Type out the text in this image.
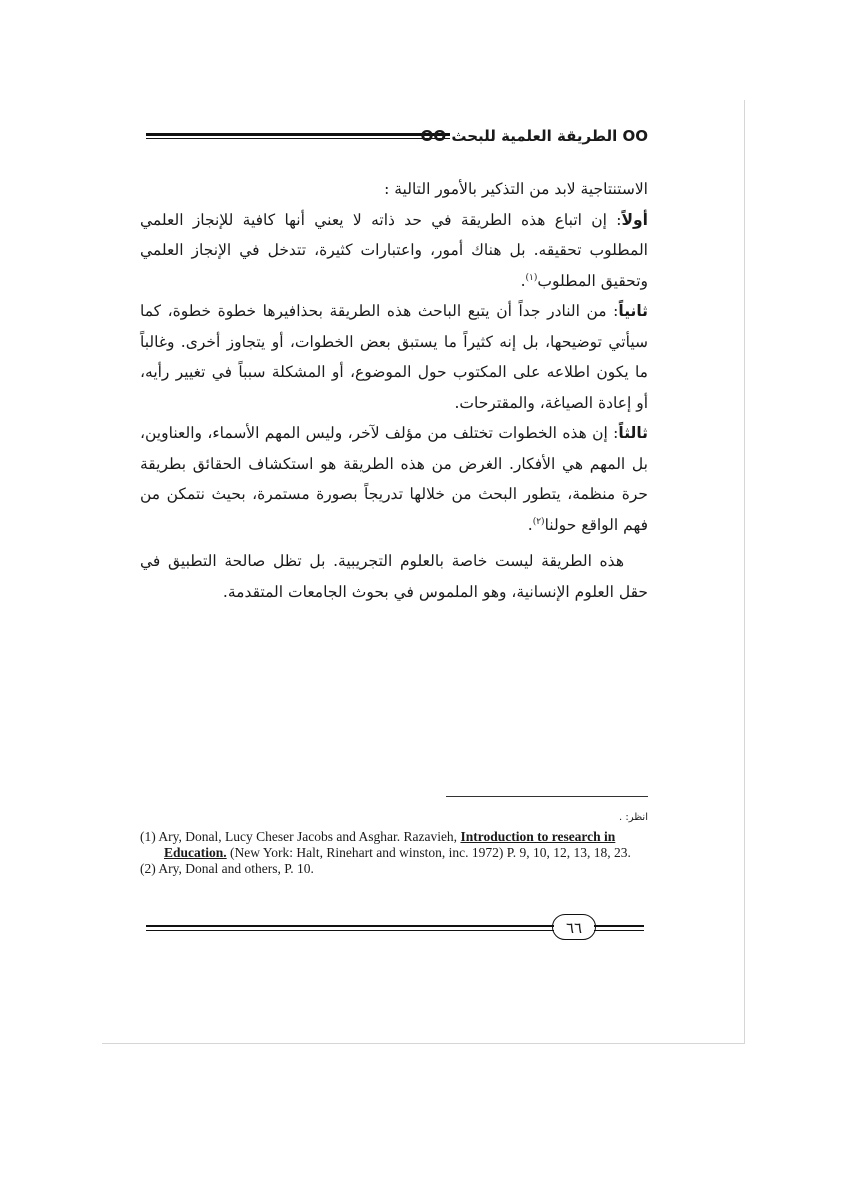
OO الطريقة العلمية للبحث OO

الاستنتاجية لابد من التذكير بالأمور التالية :

أولاً: إن اتباع هذه الطريقة في حد ذاته لا يعني أنها كافية للإنجاز العلمي المطلوب تحقيقه. بل هناك أمور، واعتبارات كثيرة، تتدخل في الإنجاز العلمي وتحقيق المطلوب$^{(١)}$.

ثانياً: من النادر جداً أن يتبع الباحث هذه الطريقة بحذافيرها خطوة خطوة، كما سيأتي توضيحها، بل إنه كثيراً ما يستبق بعض الخطوات، أو يتجاوز أخرى. وغالباً ما يكون اطلاعه على المكتوب حول الموضوع، أو المشكلة سبباً في تغيير رأيه، أو إعادة الصياغة، والمقترحات.

ثالثاً: إن هذه الخطوات تختلف من مؤلف لآخر، وليس المهم الأسماء، والعناوين، بل المهم هي الأفكار. الغرض من هذه الطريقة هو استكشاف الحقائق بطريقة حرة منظمة، يتطور البحث من خلالها تدريجاً بصورة مستمرة، بحيث نتمكن من فهم الواقع حولنا$^{(٢)}$.

هذه الطريقة ليست خاصة بالعلوم التجريبية. بل تظل صالحة التطبيق في حقل العلوم الإنسانية، وهو الملموس في بحوث الجامعات المتقدمة.

انظر: .

(1) Ary, Donal, Lucy Cheser Jacobs and Asghar. Razavieh, Introduction to research in Education. (New York: Halt, Rinehart and winston, inc. 1972) P. 9, 10, 12, 13, 18, 23.

(2) Ary, Donal and others, P. 10.

٦٦
